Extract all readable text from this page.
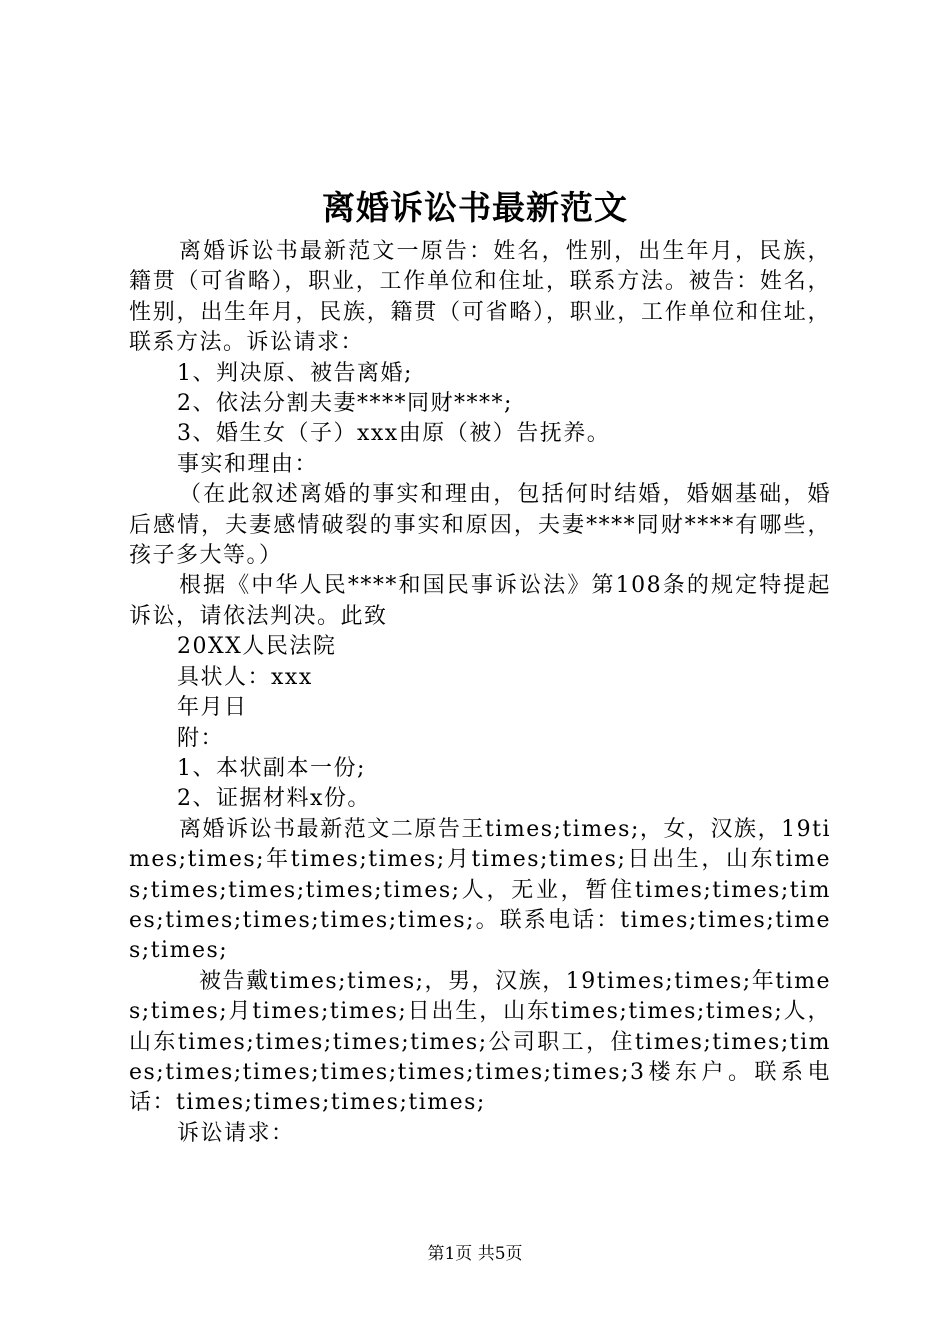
离婚诉讼书最新范文

离婚诉讼书最新范文一原告：姓名，性别，出生年月，民族，籍贯（可省略），职业，工作单位和住址，联系方法。被告：姓名，性别，出生年月，民族，籍贯（可省略），职业，工作单位和住址，联系方法。诉讼请求：

1、判决原、被告离婚;

2、依法分割夫妻****同财****;

3、婚生女（子）xxx由原（被）告抚养。

事实和理由：

（在此叙述离婚的事实和理由，包括何时结婚，婚姻基础，婚后感情，夫妻感情破裂的事实和原因，夫妻****同财****有哪些，孩子多大等。）

根据《中华人民****和国民事诉讼法》第108条的规定特提起诉讼，请依法判决。此致

20XX人民法院

具状人：xxx

年月日

附：

1、本状副本一份;

2、证据材料x份。

离婚诉讼书最新范文二原告王times;times;，女，汉族，19times;times;年times;times;月times;times;日出生，山东times;times;times;times;times;人，无业，暂住times;times;times;times;times;times;times;。联系电话：times;times;times;times;

被告戴times;times;，男，汉族，19times;times;年times;times;月times;times;日出生，山东times;times;times;人，山东times;times;times;times;公司职工，住times;times;times;times;times;times;times;times;times;3楼东户。联系电话：times;times;times;times;

诉讼请求：

第1页 共5页
